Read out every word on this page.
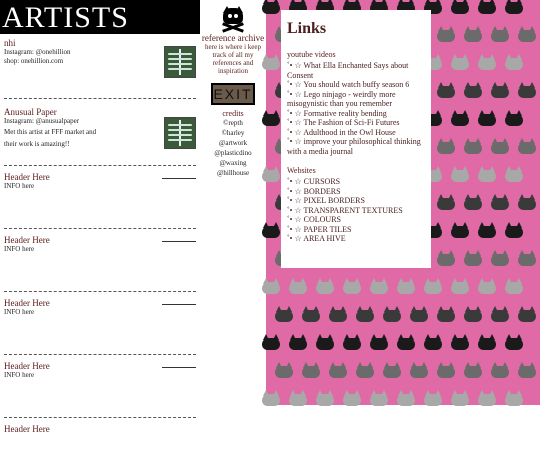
ARTISTS
nhi
Instagram: @onehillion
shop: onehillion.com
Anusual Paper
Instagram: @anusualpaper
Met this artist at FFF market and
their work is amazing!!
Header Here
INFO here
Header Here
INFO here
Header Here
INFO here
Header Here
INFO here
Header Here
reference archive
here is where i keep track of all my references and inspiration
EXIT
credits
©repth
©harley
@artwork
@plasticdino
@waxing
@hillhouse
Links
youtube videos
˚• ☆ What Ella Enchanted Says about Consent
˚• ☆ You should watch buffy season 6
˚• ☆ Lego ninjago - weirdly more misogynistic than you remember
˚• ☆ Formative reality bending
˚• ☆ The Fashion of Sci-Fi Futures
˚• ☆ Adulthood in the Owl House
˚• ☆ improve your philosophical thinking with a media journal
Websites
˚• ☆ CURSORS
˚• ☆ BORDERS
˚• ☆ PIXEL BORDERS
˚• ☆ TRANSPARENT TEXTURES
˚• ☆ COLOURS
˚• ☆ PAPER TILES
˚• ☆ AREA HIVE
